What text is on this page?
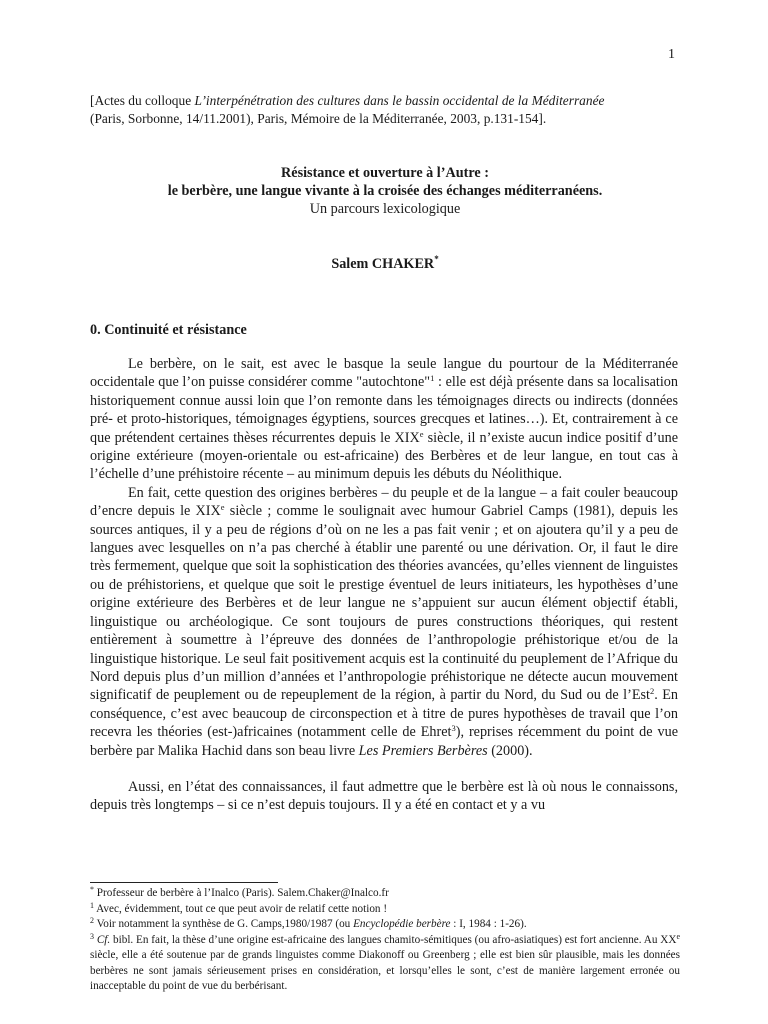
1
[Actes du colloque L’interpénétration des cultures dans le bassin occidental de la Méditerranée
(Paris, Sorbonne, 14/11.2001), Paris, Mémoire de la Méditerranée, 2003, p.131-154].
Résistance et ouverture à l’Autre :
le berbère, une langue vivante à la croisée des échanges méditerranéens.
Un parcours lexicologique
Salem CHAKER*
0. Continuité et résistance

Le berbère, on le sait, est avec le basque la seule langue du pourtour de la Méditerranée occidentale que l’on puisse considérer comme "autochtone"$^1$ : elle est déjà présente dans sa localisation historiquement connue aussi loin que l’on remonte dans les témoignages directs ou indirects (données pré- et proto-historiques, témoignages égyptiens, sources grecques et latines…). Et, contrairement à ce que prétendent certaines thèses récurrentes depuis le XIXe siècle, il n’existe aucun indice positif d’une origine extérieure (moyen-orientale ou est-africaine) des Berbères et de leur langue, en tout cas à l’échelle d’une préhistoire récente – au minimum depuis les débuts du Néolithique.

En fait, cette question des origines berbères – du peuple et de la langue – a fait couler beaucoup d’encre depuis le XIXe siècle ; comme le soulignait avec humour Gabriel Camps (1981), depuis les sources antiques, il y a peu de régions d’où on ne les a pas fait venir ; et on ajoutera qu’il y a peu de langues avec lesquelles on n’a pas cherché à établir une parenté ou une dérivation. Or, il faut le dire très fermement, quelque que soit la sophistication des théories avancées, qu’elles viennent de linguistes ou de préhistoriens, et quelque que soit le prestige éventuel de leurs initiateurs, les hypothèses d’une origine extérieure des Berbères et de leur langue ne s’appuient sur aucun élément objectif établi, linguistique ou archéologique. Ce sont toujours de pures constructions théoriques, qui restent entièrement à soumettre à l’épreuve des données de l’anthropologie préhistorique et/ou de la linguistique historique. Le seul fait positivement acquis est la continuité du peuplement de l’Afrique du Nord depuis plus d’un million d’années et l’anthropologie préhistorique ne détecte aucun mouvement significatif de peuplement ou de repeuplement de la région, à partir du Nord, du Sud ou de l’Est$^2$. En conséquence, c’est avec beaucoup de circonspection et à titre de pures hypothèses de travail que l’on recevra les théories (est-)africaines (notamment celle de Ehret$^3$), reprises récemment du point de vue berbère par Malika Hachid dans son beau livre Les Premiers Berbères (2000).

Aussi, en l’état des connaissances, il faut admettre que le berbère est là où nous le connaissons, depuis très longtemps – si ce n’est depuis toujours. Il y a été en contact et y a vu

* Professeur de berbère à l’Inalco (Paris). Salem.Chaker@Inalco.fr
$^1$ Avec, évidemment, tout ce que peut avoir de relatif cette notion !
$^2$ Voir notamment la synthèse de G. Camps,1980/1987 (ou Encyclopédie berbère : I, 1984 : 1-26).
$^3$ Cf. bibl. En fait, la thèse d’une origine est-africaine des langues chamito-sémitiques (ou afro-asiatiques) est fort ancienne. Au XXe siècle, elle a été soutenue par de grands linguistes comme Diakonoff ou Greenberg ; elle est bien sûr plausible, mais les données berbères ne sont jamais sérieusement prises en considération, et lorsqu’elles le sont, c’est de manière largement erronée ou inacceptable du point de vue du berbérisant.
